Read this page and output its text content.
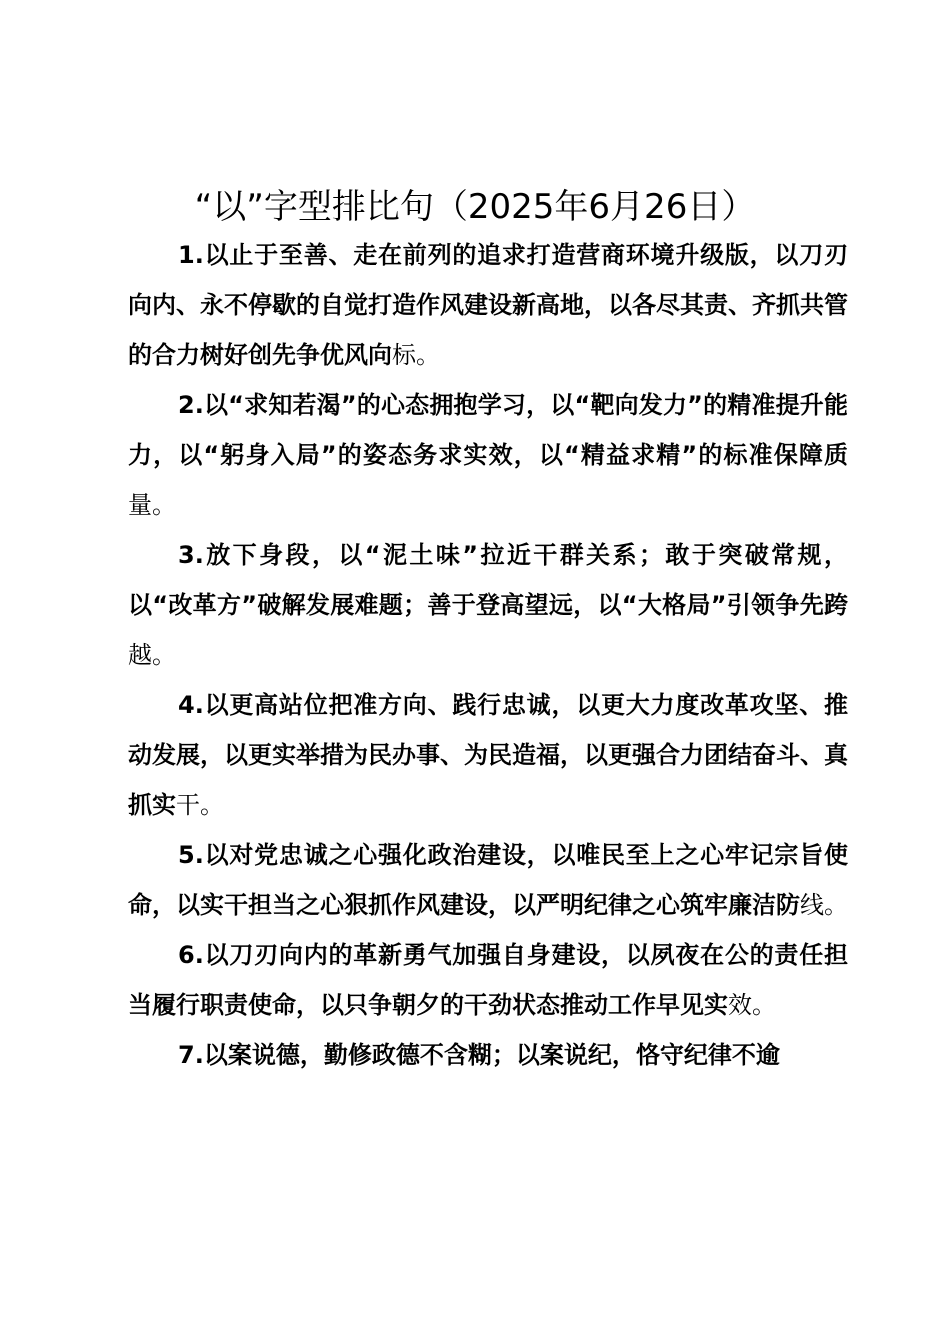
“以”字型排比句（2025年6月26日）

1.以止于至善、走在前列的追求打造营商环境升级版，以刀刃向内、永不停歇的自觉打造作风建设新高地，以各尽其责、齐抓共管的合力树好创先争优风向标。

2.以“求知若渴”的心态拥抱学习，以“靶向发力”的精准提升能力，以“躬身入局”的姿态务求实效，以“精益求精”的标准保障质量。

3.放下身段，以“泥土味”拉近干群关系；敢于突破常规，以“改革方”破解发展难题；善于登高望远，以“大格局”引领争先跨越。

4.以更高站位把准方向、践行忠诚，以更大力度改革攻坚、推动发展，以更实举措为民办事、为民造福，以更强合力团结奋斗、真抓实干。

5.以对党忠诚之心强化政治建设，以唯民至上之心牢记宗旨使命，以实干担当之心狠抓作风建设，以严明纪律之心筑牢廉洁防线。

6.以刀刃向内的革新勇气加强自身建设，以夙夜在公的责任担当履行职责使命，以只争朝夕的干劲状态推动工作早见实效。

7.以案说德，勤修政德不含糊；以案说纪，恪守纪律不逾
